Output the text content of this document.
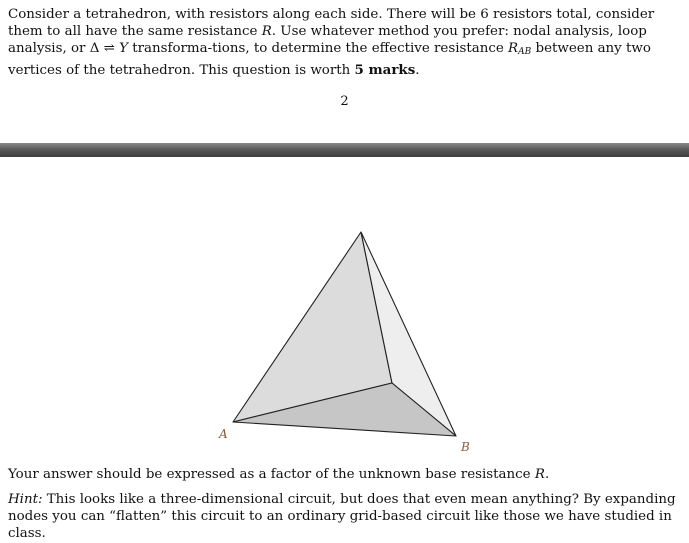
Consider a tetrahedron, with resistors along each side. There will be 6 resistors total, consider them to all have the same resistance R. Use whatever method you prefer: nodal analysis, loop analysis, or Δ ⇌ Y transforma-tions, to determine the effective resistance $R_{AB}$ between any two vertices of the tetrahedron. This question is worth 5 marks.

2
A
B

Your answer should be expressed as a factor of the unknown base resistance R.

Hint: This looks like a three-dimensional circuit, but does that even mean anything? By expanding nodes you can “flatten” this circuit to an ordinary grid-based circuit like those we have studied in class.
